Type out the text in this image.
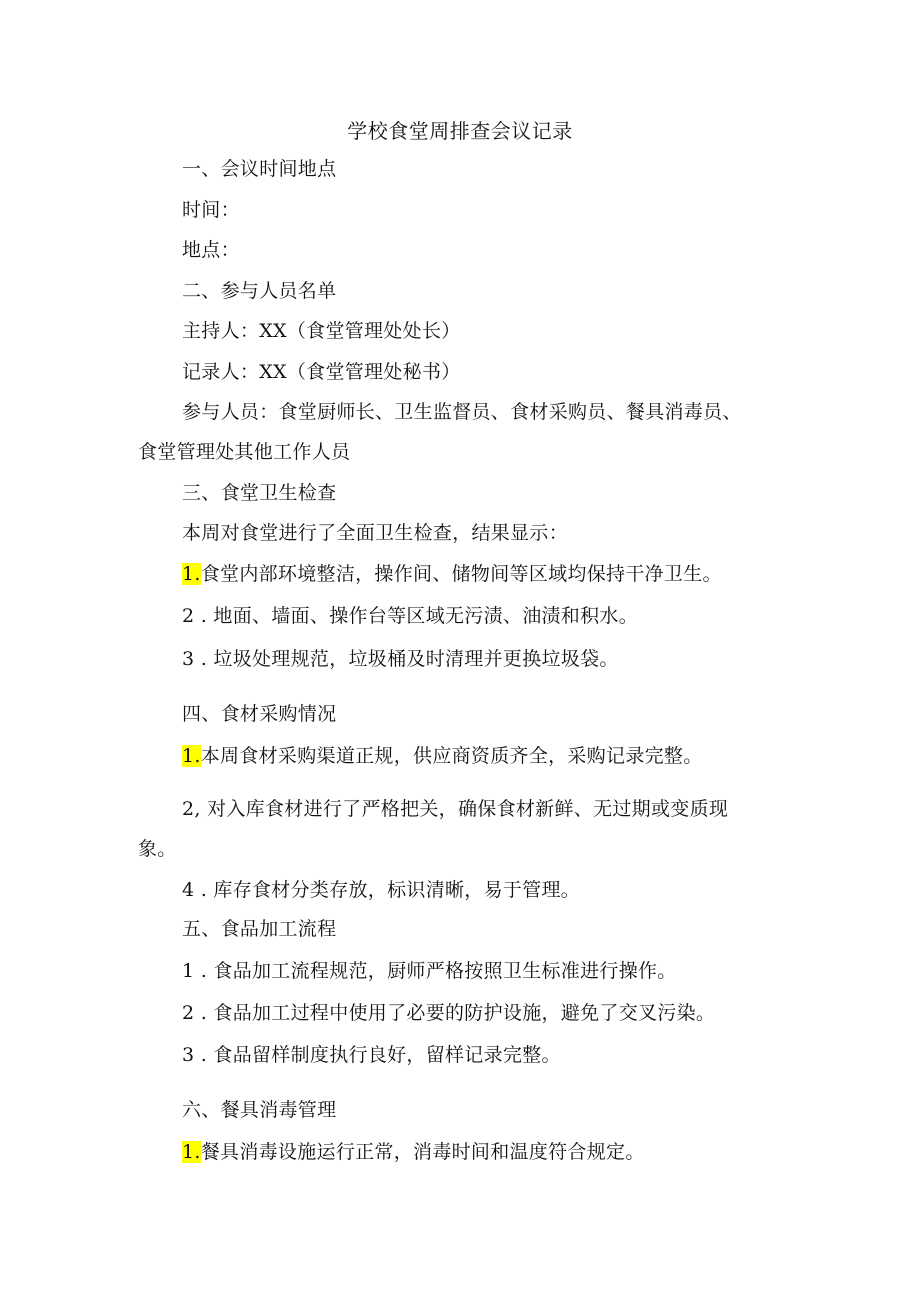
学校食堂周排查会议记录
一、会议时间地点
时间：
地点：
二、参与人员名单
主持人：XX（食堂管理处处长）
记录人：XX（食堂管理处秘书）
参与人员：食堂厨师长、卫生监督员、食材采购员、餐具消毒员、
食堂管理处其他工作人员
三、食堂卫生检查
本周对食堂进行了全面卫生检查，结果显示：
1.食堂内部环境整洁，操作间、储物间等区域均保持干净卫生。
2 . 地面、墙面、操作台等区域无污渍、油渍和积水。
3 . 垃圾处理规范，垃圾桶及时清理并更换垃圾袋。
四、食材采购情况
1.本周食材采购渠道正规，供应商资质齐全，采购记录完整。
2, 对入库食材进行了严格把关，确保食材新鲜、无过期或变质现
象。
4 . 库存食材分类存放，标识清晰，易于管理。
五、食品加工流程
1 . 食品加工流程规范，厨师严格按照卫生标准进行操作。
2 . 食品加工过程中使用了必要的防护设施，避免了交叉污染。
3 . 食品留样制度执行良好，留样记录完整。
六、餐具消毒管理
1.餐具消毒设施运行正常，消毒时间和温度符合规定。
